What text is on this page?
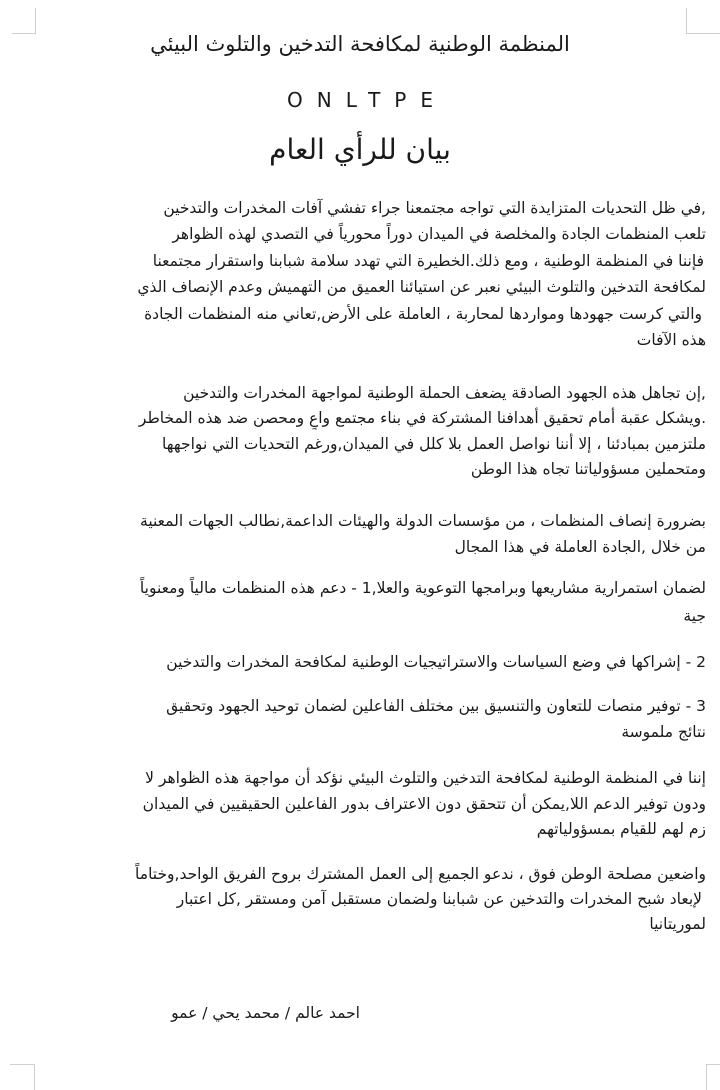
المنظمة الوطنية لمكافحة التدخين والتلوث البيئي
ONLTPE
بيان للرأي العام
,في ظل التحديات المتزايدة التي تواجه مجتمعنا جراء تفشي آفات المخدرات والتدخين
تلعب المنظمات الجادة والمخلصة في الميدان دوراً محورياً في التصدي لهذه الظواهر
فإننا في المنظمة الوطنية ، ومع ذلك.الخطيرة التي تهدد سلامة شبابنا واستقرار مجتمعنا
لمكافحة التدخين والتلوث البيئي نعبر عن استيائنا العميق من التهميش وعدم الإنصاف الذي
والتي كرست جهودها ومواردها لمحاربة ، العاملة على الأرض,تعاني منه المنظمات الجادة
هذه الآفات
,إن تجاهل هذه الجهود الصادقة يضعف الحملة الوطنية لمواجهة المخدرات والتدخين
.ويشكل عقبة أمام تحقيق أهدافنا المشتركة في بناء مجتمع واعٍ ومحصن ضد هذه المخاطر
ملتزمين بمبادئنا ، إلا أننا نواصل العمل بلا كلل في الميدان,ورغم التحديات التي نواجهها
ومتحملين مسؤولياتنا تجاه هذا الوطن
بضرورة إنصاف المنظمات ، من مؤسسات الدولة والهيئات الداعمة,نطالب الجهات المعنية
من خلال ,الجادة العاملة في هذا المجال
لضمان استمرارية مشاريعها وبرامجها التوعوية والعلا,1 - دعم هذه المنظمات مالياً ومعنوياً
جية
2 - إشراكها في وضع السياسات والاستراتيجيات الوطنية لمكافحة المخدرات والتدخين
3 - توفير منصات للتعاون والتنسيق بين مختلف الفاعلين لضمان توحيد الجهود وتحقيق
نتائج ملموسة
إننا في المنظمة الوطنية لمكافحة التدخين والتلوث البيئي نؤكد أن مواجهة هذه الظواهر لا
ودون توفير الدعم اللا,يمكن أن تتحقق دون الاعتراف بدور الفاعلين الحقيقيين في الميدان
زم لهم للقيام بمسؤولياتهم
واضعين مصلحة الوطن فوق ، ندعو الجميع إلى العمل المشترك بروح الفريق الواحد,وختاماً
لإبعاد شبح المخدرات والتدخين عن شبابنا ولضمان مستقبل آمن ومستقر ,كل اعتبار
لموريتانيا
احمد عالم / محمد يحي / عمو
